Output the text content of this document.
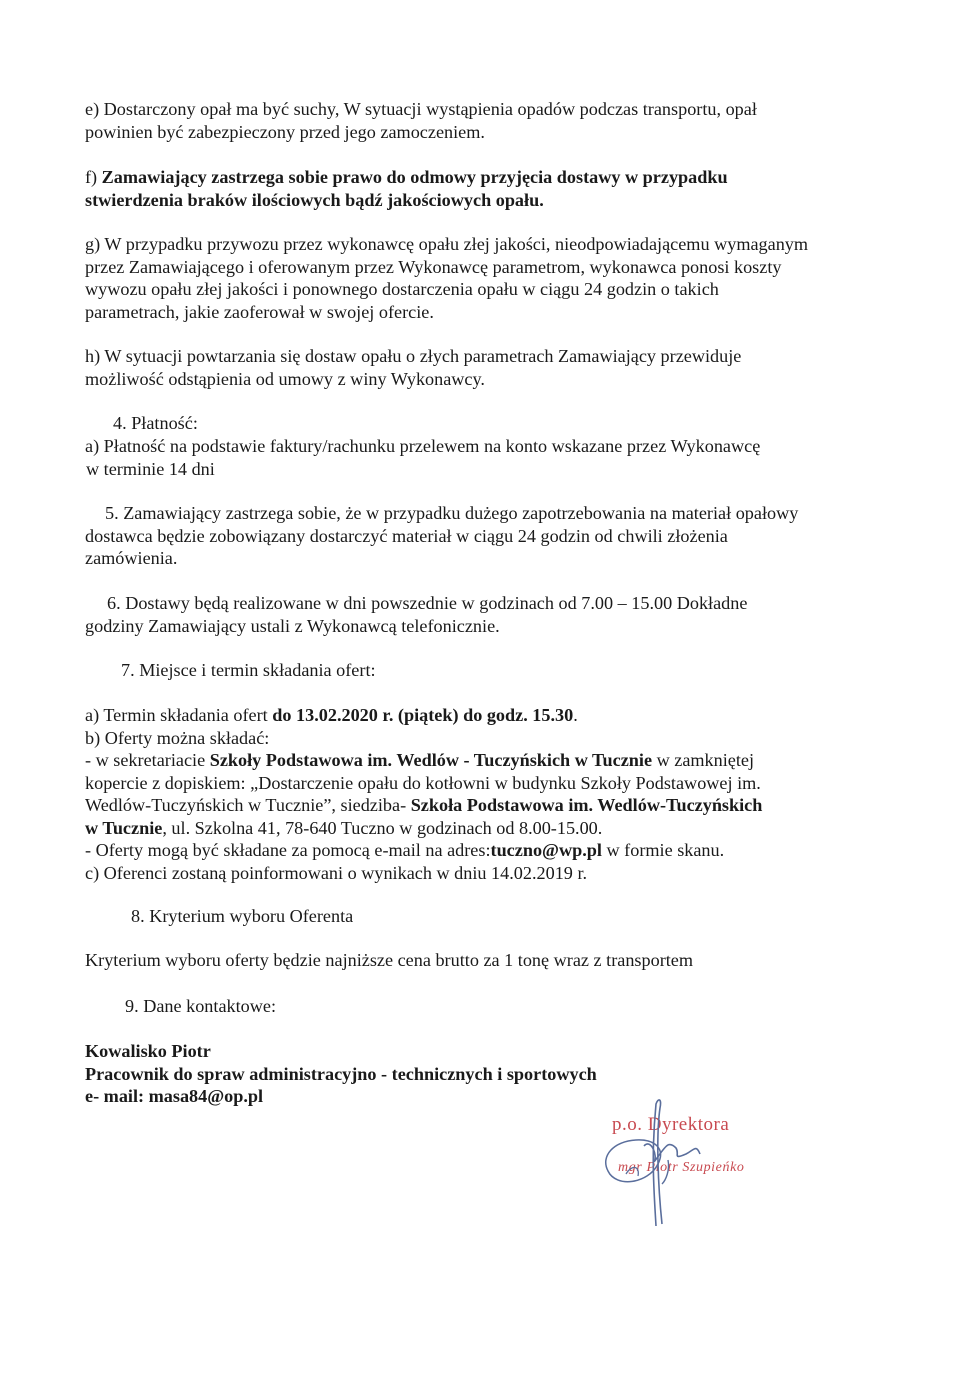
e) Dostarczony opał ma być suchy, W sytuacji wystąpienia opadów podczas transportu, opał

powinien być zabezpieczony przed jego zamoczeniem.

f) Zamawiający zastrzega sobie prawo do odmowy przyjęcia dostawy w przypadku

stwierdzenia braków ilościowych bądź jakościowych opału.

g) W przypadku przywozu przez wykonawcę opału złej jakości, nieodpowiadającemu wymaganym

przez Zamawiającego i oferowanym przez Wykonawcę parametrom, wykonawca ponosi koszty

wywozu opału złej jakości i ponownego dostarczenia opału w ciągu 24 godzin o takich

parametrach, jakie zaoferował w swojej ofercie.

h) W sytuacji powtarzania się dostaw opału o złych parametrach Zamawiający przewiduje

możliwość odstąpienia od umowy z winy Wykonawcy.

4. Płatność:

a) Płatność na podstawie faktury/rachunku przelewem na konto wskazane przez Wykonawcę

w terminie 14 dni

5. Zamawiający zastrzega sobie, że w przypadku dużego zapotrzebowania na materiał opałowy

dostawca będzie zobowiązany dostarczyć materiał w ciągu 24 godzin od chwili złożenia

zamówienia.

6. Dostawy będą realizowane w dni powszednie w godzinach od 7.00 – 15.00 Dokładne

godziny Zamawiający ustali z Wykonawcą telefonicznie.

7. Miejsce i termin składania ofert:

a) Termin składania ofert do 13.02.2020 r. (piątek) do godz. 15.30.

b) Oferty można składać:

- w sekretariacie Szkoły Podstawowa im. Wedlów - Tuczyńskich w Tucznie w zamkniętej

kopercie z dopiskiem: „Dostarczenie opału do kotłowni w budynku Szkoły Podstawowej im.

Wedlów-Tuczyńskich w Tucznie”, siedziba- Szkoła Podstawowa im. Wedlów-Tuczyńskich

w Tucznie, ul. Szkolna 41, 78-640 Tuczno w godzinach od 8.00-15.00.

- Oferty mogą być składane za pomocą e-mail na adres:tuczno@wp.pl w formie skanu.

c) Oferenci zostaną poinformowani o wynikach w dniu 14.02.2019 r.

8. Kryterium wyboru Oferenta

Kryterium wyboru oferty będzie najniższe cena brutto za 1 tonę wraz z transportem

9. Dane kontaktowe:

Kowalisko Piotr

Pracownik do spraw administracyjno - technicznych i sportowych

e- mail: masa84@op.pl

p.o. Dyrektora
mgr Piotr Szupieńko
